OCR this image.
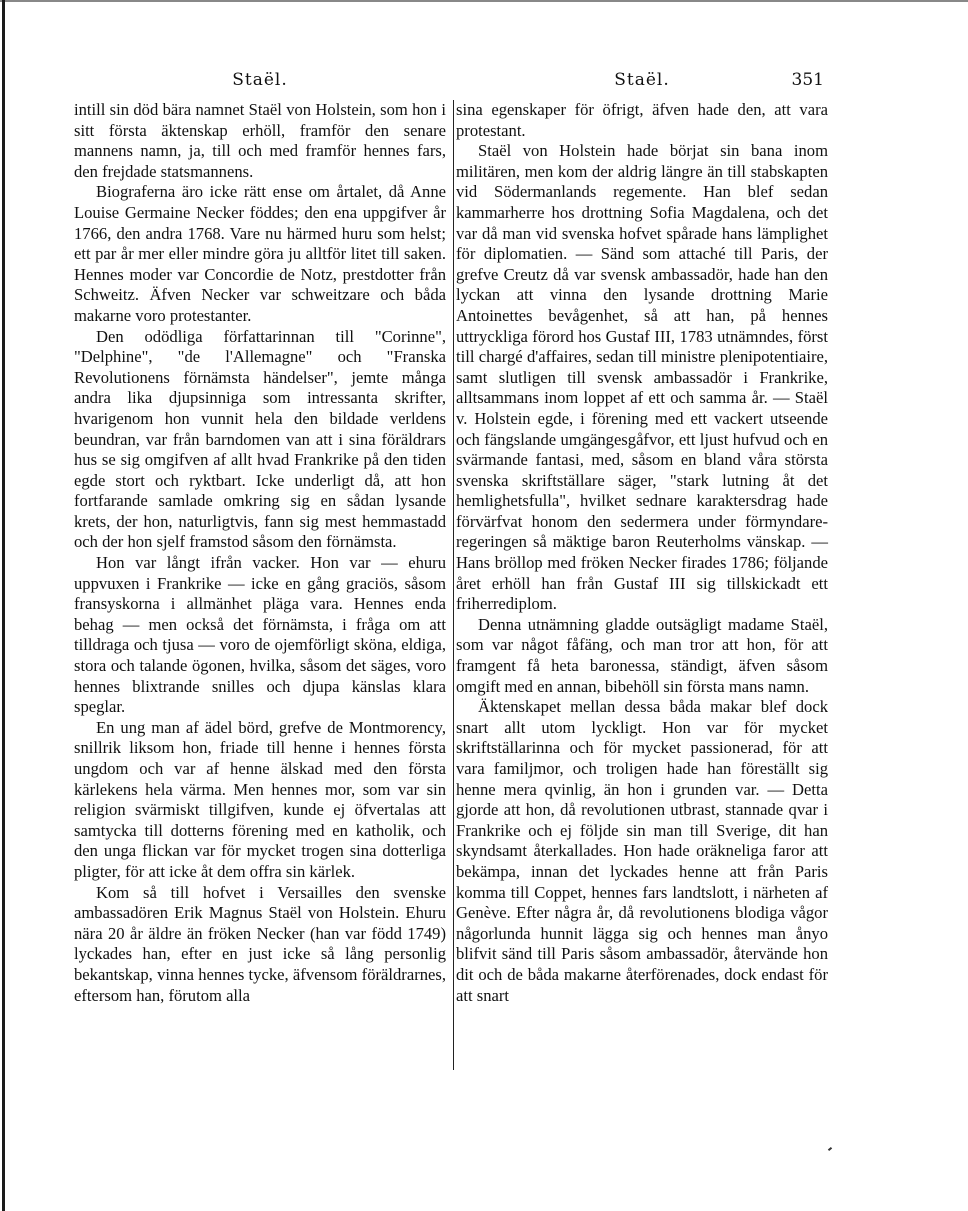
Staël.	Staël.	351

intill sin död bära namnet Staël von Holstein, som hon i sitt första äktenskap erhöll, framför den senare mannens namn, ja, till och med framför hennes fars, den frejdade statsmannens.

Biograferna äro icke rätt ense om årtalet, då Anne Louise Germaine Necker föddes; den ena uppgifver år 1766, den andra 1768. Vare nu härmed huru som helst; ett par år mer eller mindre göra ju alltför litet till saken. Hennes moder var Concordie de Notz, prestdotter från Schweitz. Äfven Necker var schweitzare och båda makarne voro protestanter.

Den odödliga författarinnan till "Corinne", "Delphine", "de l'Allemagne" och "Franska Revolutionens förnämsta händelser", jemte många andra lika djupsinniga som intressanta skrifter, hvarigenom hon vunnit hela den bildade verldens beundran, var från barndomen van att i sina föräldrars hus se sig omgifven af allt hvad Frankrike på den tiden egde stort och ryktbart. Icke underligt då, att hon fortfarande samlade omkring sig en sådan lysande krets, der hon, naturligtvis, fann sig mest hemmastadd och der hon sjelf framstod såsom den förnämsta.

Hon var långt ifrån vacker. Hon var — ehuru uppvuxen i Frankrike — icke en gång graciös, såsom fransyskorna i allmänhet pläga vara. Hennes enda behag — men också det förnämsta, i fråga om att tilldraga och tjusa — voro de ojemförligt sköna, eldiga, stora och talande ögonen, hvilka, såsom det säges, voro hennes blixtrande snilles och djupa känslas klara speglar.

En ung man af ädel börd, grefve de Montmorency, snillrik liksom hon, friade till henne i hennes första ungdom och var af henne älskad med den första kärlekens hela värma. Men hennes mor, som var sin religion svärmiskt tillgifven, kunde ej öfvertalas att samtycka till dotterns förening med en katholik, och den unga flickan var för mycket trogen sina dotterliga pligter, för att icke åt dem offra sin kärlek.

Kom så till hofvet i Versailles den svenske ambassadören Erik Magnus Staël von Holstein. Ehuru nära 20 år äldre än fröken Necker (han var född 1749) lyckades han, efter en just icke så lång personlig bekantskap, vinna hennes tycke, äfvensom föräldrarnes, eftersom han, förutom alla

sina egenskaper för öfrigt, äfven hade den, att vara protestant.

Staël von Holstein hade börjat sin bana inom militären, men kom der aldrig längre än till stabskapten vid Södermanlands regemente. Han blef sedan kammarherre hos drottning Sofia Magdalena, och det var då man vid svenska hofvet spårade hans lämplighet för diplomatien. — Sänd som attaché till Paris, der grefve Creutz då var svensk ambassadör, hade han den lyckan att vinna den lysande drottning Marie Antoinettes bevågenhet, så att han, på hennes uttryckliga förord hos Gustaf III, 1783 utnämndes, först till chargé d'affaires, sedan till ministre plenipotentiaire, samt slutligen till svensk ambassadör i Frankrike, alltsammans inom loppet af ett och samma år. — Staël v. Holstein egde, i förening med ett vackert utseende och fängslande umgängesgåfvor, ett ljust hufvud och en svärmande fantasi, med, såsom en bland våra största svenska skriftställare säger, "stark lutning åt det hemlighetsfulla", hvilket sednare karaktersdrag hade förvärfvat honom den sedermera under förmyndare-regeringen så mäktige baron Reuterholms vänskap. — Hans bröllop med fröken Necker firades 1786; följande året erhöll han från Gustaf III sig tillskickadt ett friherrediplom.

Denna utnämning gladde outsägligt madame Staël, som var något fåfäng, och man tror att hon, för att framgent få heta baronessa, ständigt, äfven såsom omgift med en annan, bibehöll sin första mans namn.

Äktenskapet mellan dessa båda makar blef dock snart allt utom lyckligt. Hon var för mycket skriftställarinna och för mycket passionerad, för att vara familjmor, och troligen hade han föreställt sig henne mera qvinlig, än hon i grunden var. — Detta gjorde att hon, då revolutionen utbrast, stannade qvar i Frankrike och ej följde sin man till Sverige, dit han skyndsamt återkallades. Hon hade oräkneliga faror att bekämpa, innan det lyckades henne att från Paris komma till Coppet, hennes fars landtslott, i närheten af Genève. Efter några år, då revolutionens blodiga vågor någorlunda hunnit lägga sig och hennes man ånyo blifvit sänd till Paris såsom ambassadör, återvände hon dit och de båda makarne återförenades, dock endast för att snart
